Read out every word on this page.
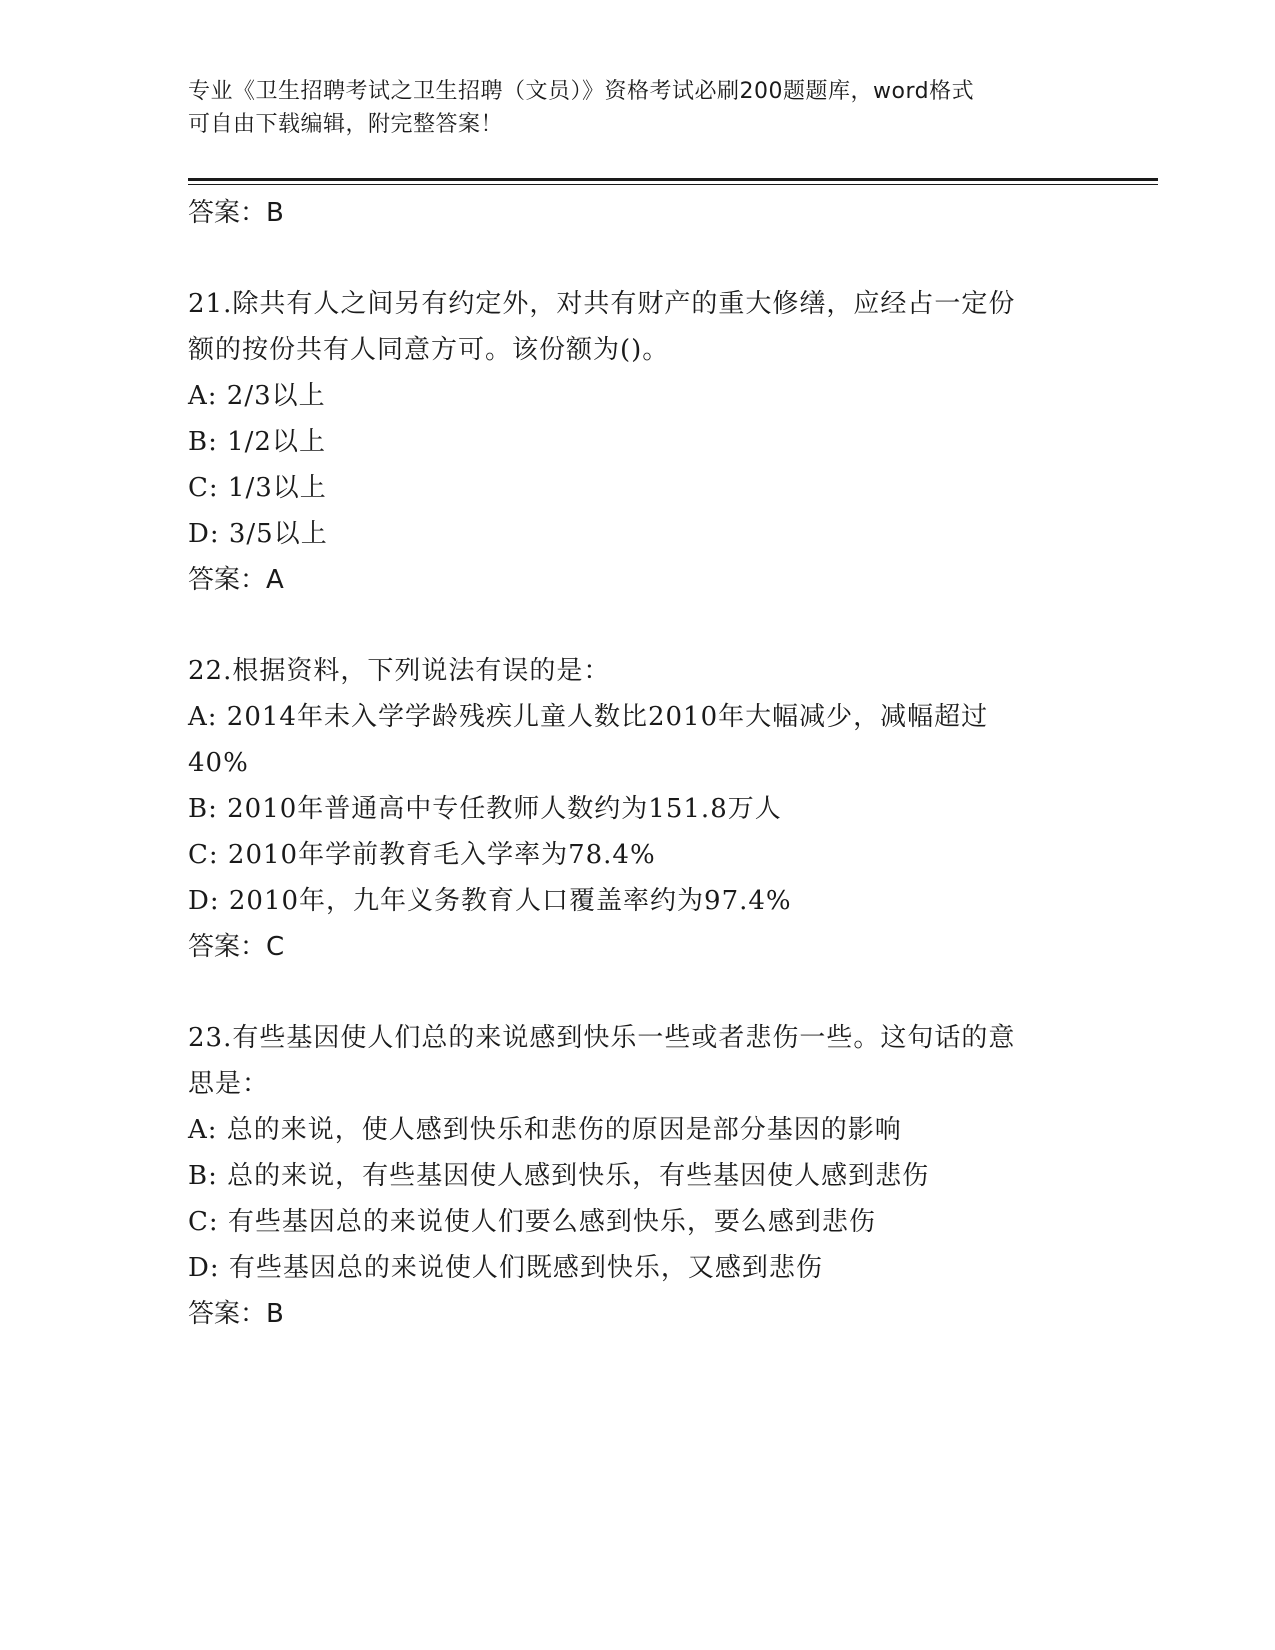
专业《卫生招聘考试之卫生招聘（文员）》资格考试必刷200题题库，word格式
可自由下载编辑，附完整答案！
答案：B
21.除共有人之间另有约定外，对共有财产的重大修缮，应经占一定份
额的按份共有人同意方可。该份额为()。
A: 2/3以上
B: 1/2以上
C: 1/3以上
D: 3/5以上
答案：A
22.根据资料，下列说法有误的是：
A: 2014年未入学学龄残疾儿童人数比2010年大幅减少，减幅超过
40%
B: 2010年普通高中专任教师人数约为151.8万人
C: 2010年学前教育毛入学率为78.4%
D: 2010年，九年义务教育人口覆盖率约为97.4%
答案：C
23.有些基因使人们总的来说感到快乐一些或者悲伤一些。这句话的意
思是：
A: 总的来说，使人感到快乐和悲伤的原因是部分基因的影响
B: 总的来说，有些基因使人感到快乐，有些基因使人感到悲伤
C: 有些基因总的来说使人们要么感到快乐，要么感到悲伤
D: 有些基因总的来说使人们既感到快乐，又感到悲伤
答案：B
